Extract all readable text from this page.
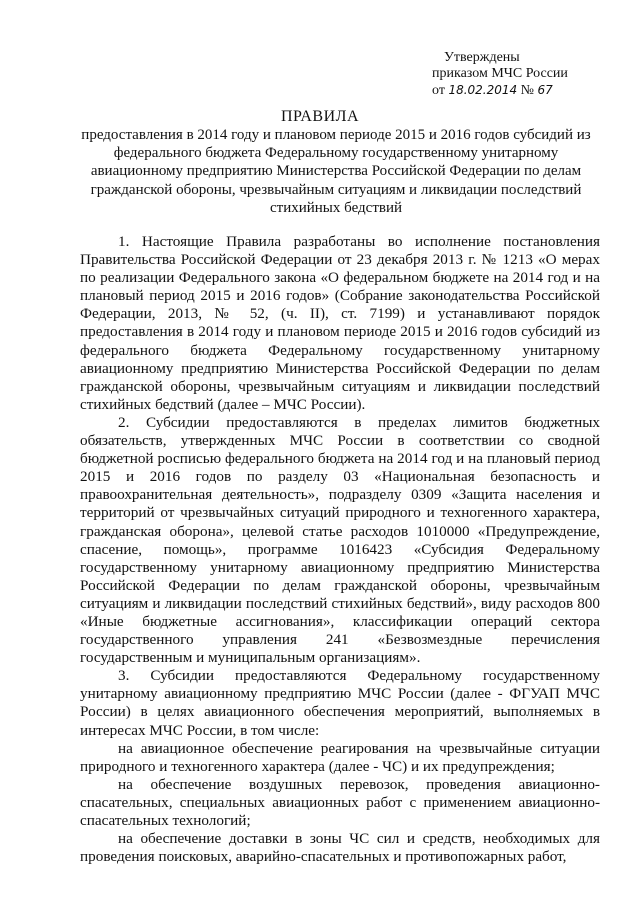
Утверждены
приказом МЧС России
от 18.02.2014 № 67
ПРАВИЛА
предоставления в 2014 году и плановом периоде 2015 и 2016 годов субсидий из федерального бюджета Федеральному государственному унитарному авиационному предприятию Министерства Российской Федерации по делам гражданской обороны, чрезвычайным ситуациям и ликвидации последствий стихийных бедствий

1. Настоящие Правила разработаны во исполнение постановления Правительства Российской Федерации от 23 декабря 2013 г. № 1213 «О мерах по реализации Федерального закона «О федеральном бюджете на 2014 год и на плановый период 2015 и 2016 годов» (Собрание законодательства Российской Федерации, 2013, № 52, (ч. II), ст. 7199) и устанавливают порядок предоставления в 2014 году и плановом периоде 2015 и 2016 годов субсидий из федерального бюджета Федеральному государственному унитарному авиационному предприятию Министерства Российской Федерации по делам гражданской обороны, чрезвычайным ситуациям и ликвидации последствий стихийных бедствий (далее – МЧС России).

2. Субсидии предоставляются в пределах лимитов бюджетных обязательств, утвержденных МЧС России в соответствии со сводной бюджетной росписью федерального бюджета на 2014 год и на плановый период 2015 и 2016 годов по разделу 03 «Национальная безопасность и правоохранительная деятельность», подразделу 0309 «Защита населения и территорий от чрезвычайных ситуаций природного и техногенного характера, гражданская оборона», целевой статье расходов 1010000 «Предупреждение, спасение, помощь», программе 1016423 «Субсидия Федеральному государственному унитарному авиационному предприятию Министерства Российской Федерации по делам гражданской обороны, чрезвычайным ситуациям и ликвидации последствий стихийных бедствий», виду расходов 800 «Иные бюджетные ассигнования», классификации операций сектора государственного управления 241 «Безвозмездные перечисления государственным и муниципальным организациям».

3. Субсидии предоставляются Федеральному государственному унитарному авиационному предприятию МЧС России (далее - ФГУАП МЧС России) в целях авиационного обеспечения мероприятий, выполняемых в интересах МЧС России, в том числе:

на авиационное обеспечение реагирования на чрезвычайные ситуации природного и техногенного характера (далее - ЧС) и их предупреждения;

на обеспечение воздушных перевозок, проведения авиационно-спасательных, специальных авиационных работ с применением авиационно-спасательных технологий;

на обеспечение доставки в зоны ЧС сил и средств, необходимых для проведения поисковых, аварийно-спасательных и противопожарных работ,
